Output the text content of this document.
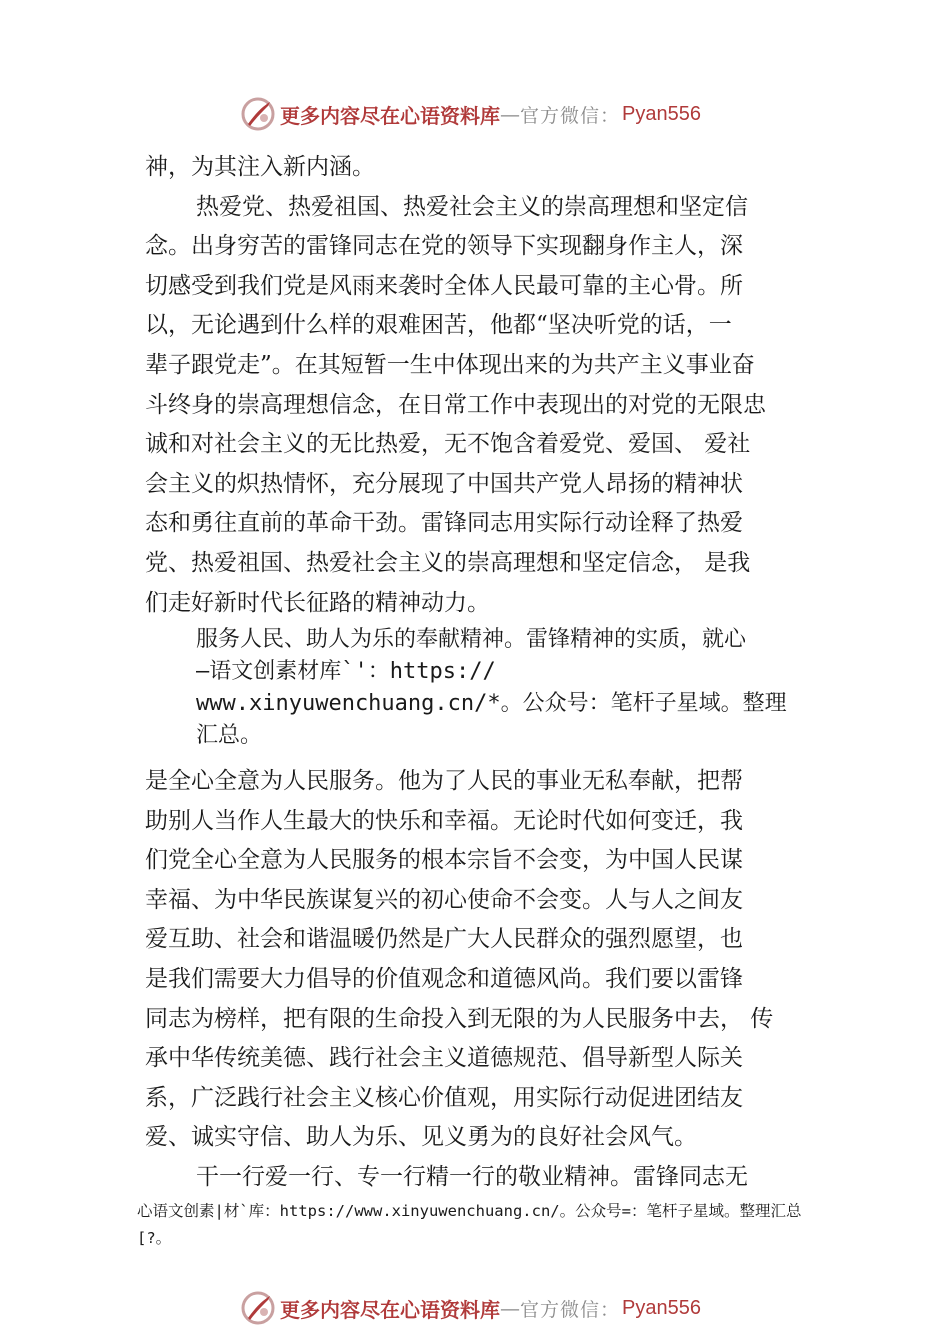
更多内容尽在心语资料库 — 官方微信： Pyan556
神，为其注入新内涵。
热爱党、热爱祖国、热爱社会主义的崇高理想和坚定信
念。出身穷苦的雷锋同志在党的领导下实现翻身作主人，深
切感受到我们党是风雨来袭时全体人民最可靠的主心骨。所
以，无论遇到什么样的艰难困苦，他都“坚决听党的话，一
辈子跟党走”。在其短暂一生中体现出来的为共产主义事业奋
斗终身的崇高理想信念，在日常工作中表现出的对党的无限忠
诚和对社会主义的无比热爱，无不饱含着爱党、爱国、 爱社
会主义的炽热情怀，充分展现了中国共产党人昂扬的精神状
态和勇往直前的革命干劲。雷锋同志用实际行动诠释了热爱
党、热爱祖国、热爱社会主义的崇高理想和坚定信念， 是我
们走好新时代长征路的精神动力。
服务人民、助人为乐的奉献精神。雷锋精神的实质，就心
—语文创素材库`'：https://
www.xinyuwenchuang.cn/*。公众号：笔杆子星域。整理
汇总。
是全心全意为人民服务。他为了人民的事业无私奉献，把帮
助别人当作人生最大的快乐和幸福。无论时代如何变迁，我
们党全心全意为人民服务的根本宗旨不会变，为中国人民谋
幸福、为中华民族谋复兴的初心使命不会变。人与人之间友
爱互助、社会和谐温暖仍然是广大人民群众的强烈愿望，也
是我们需要大力倡导的价值观念和道德风尚。我们要以雷锋
同志为榜样，把有限的生命投入到无限的为人民服务中去， 传
承中华传统美德、践行社会主义道德规范、倡导新型人际关
系，广泛践行社会主义核心价值观，用实际行动促进团结友
爱、诚实守信、助人为乐、见义勇为的良好社会风气。
干一行爱一行、专一行精一行的敬业精神。雷锋同志无
心语文创素|材`库：https://www.xinyuwenchuang.cn/。公众号=：笔杆子星域。整理汇总
[?。
更多内容尽在心语资料库 — 官方微信： Pyan556
